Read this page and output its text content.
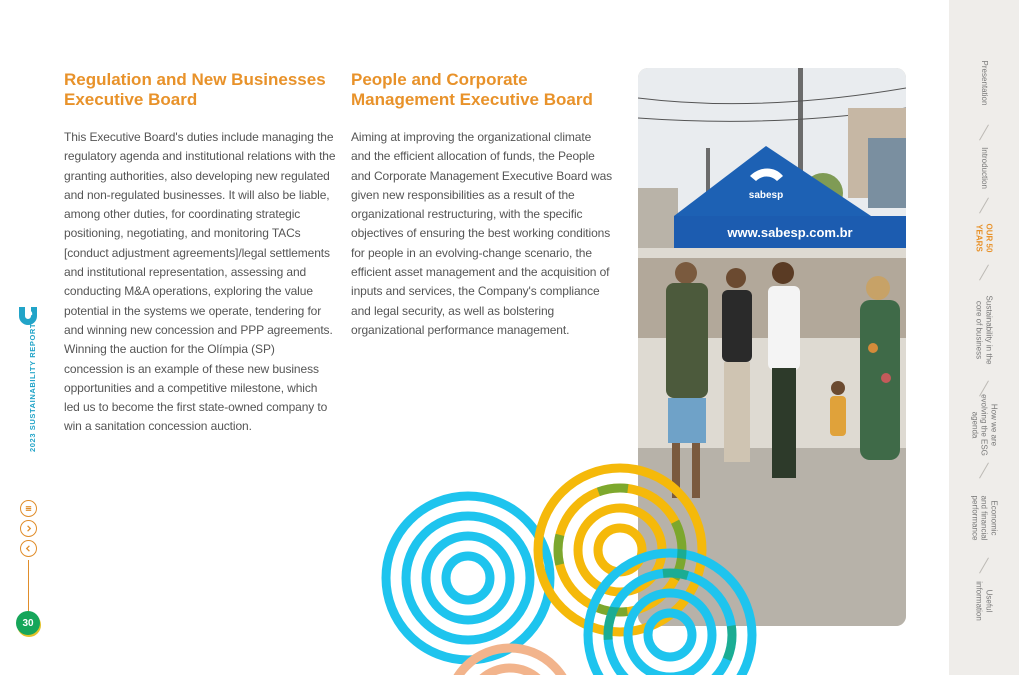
2023 SUSTAINABILITY REPORT
30
Regulation and New Businesses
Executive Board

This Executive Board's duties include managing the regulatory agenda and institutional relations with the granting authorities, also developing new regulated and non-regulated businesses. It will also be liable, among other duties, for coordinating strategic positioning, negotiating, and monitoring TACs [conduct adjustment agreements]/legal settlements and institutional representation, assessing and conducting M&A operations, exploring the value potential in the systems we operate, tendering for and winning new concession and PPP agreements. Winning the auction for the Olímpia (SP) concession is an example of these new business opportunities and a competitive milestone, which led us to become the first state-owned company to win a sanitation concession auction.

People and Corporate
Management Executive Board

Aiming at improving the organizational climate and the efficient allocation of funds, the People and Corporate Management Executive Board was given new responsibilities as a result of the organizational restructuring, with the specific objectives of ensuring the best working conditions for people in an evolving-change scenario, the efficient asset management and the acquisition of inputs and services, the Company's compliance and legal security, as well as bolstering organizational performance management.

sabesp
www.sabesp.com.br
Presentation
Introduction
OUR 50
YEARS
Sustainability in the
core of business
How we are
evolving the ESG
agenda
Economic
and financial
performance
Useful
information
